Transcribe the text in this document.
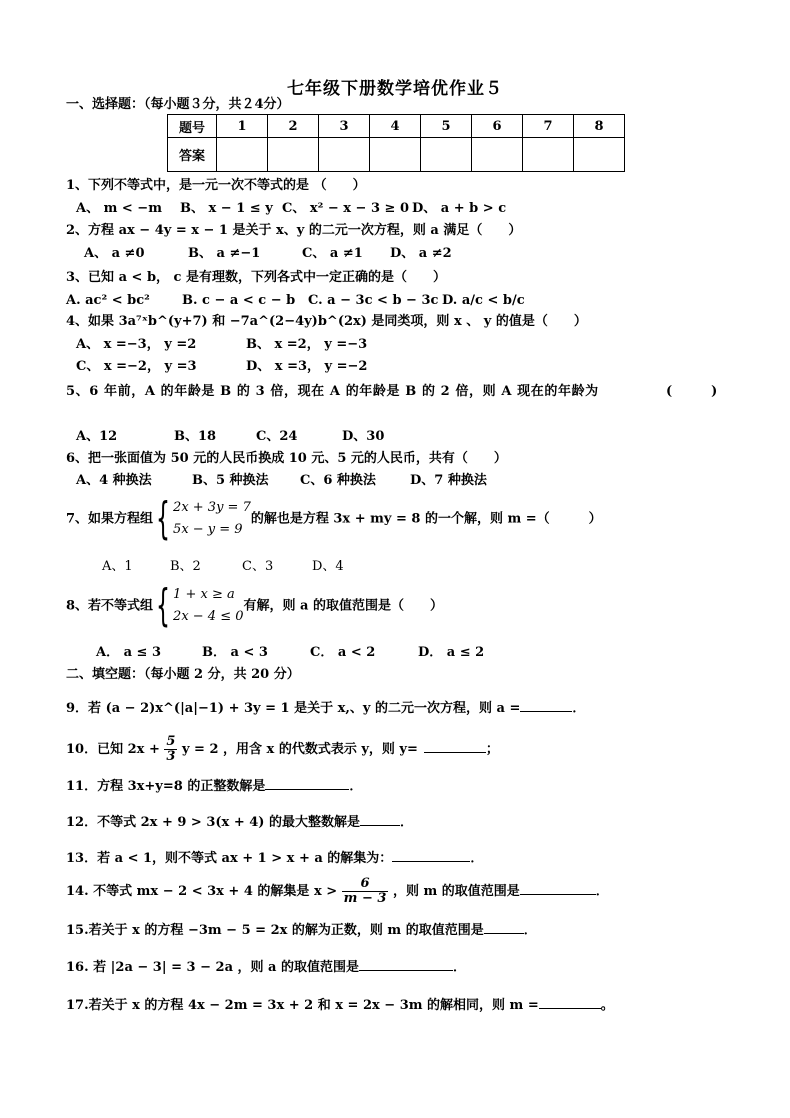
七年级下册数学培优作业５
一、选择题：（每小题３分，共２4分）
题号	1	2	3	4	5	6	7	8
答案								
1、下列不等式中，是一元一次不等式的是 （　　）
A、 m < −m B、 x − 1 ≤ y C、 x² − x − 3 ≥ 0 D、 a + b > c
2、方程 ax − 4y = x − 1 是关于 x、y 的二元一次方程，则 a 满足（　　）
A、 a ≠0	B、 a ≠−1	C、 a ≠1 D、 a ≠2
3、已知 a < b， c 是有理数，下列各式中一定正确的是（　　）
A. ac² < bc² B. c − a < c − b C. a − 3c < b − 3c D. a/c < b/c
4、如果 3a⁷ˣb^(y+7) 和 −7a^(2−4y)b^(2x) 是同类项，则 x 、 y 的值是（　　）
A、 x =−3， y =2	B、 x =2， y =−3
C、 x =−2， y =3	D、 x =3， y =−2
5、6 年前，A 的年龄是 B 的 3 倍，现在 A 的年龄是 B 的 2 倍，则 A 现在的年龄为	(　　　)
A、12	B、18	C、24	D、30
6、把一张面值为 50 元的人民币换成 10 元、5 元的人民币，共有（　　）
A、4 种换法	B、5 种换法 C、6 种换法	D、7 种换法
7、如果方程组{ 2x + 3y = 7
5x − y = 9
的解也是方程 3x + my = 8 的一个解，则 m =（　　　）
A、1	B、2	C、3	D、4
8、若不等式组{ 1 + x ≥ a
2x − 4 ≤ 0
有解，则 a 的取值范围是（　　）
A． a ≤ 3	B． a < 3	C． a < 2	D． a ≤ 2
二、填空题：（每小题 2 分，共 20 分）
9．若 (a − 2)x^(|a|−1) + 3y = 1 是关于 x,、y 的二元一次方程，则 a =	．
10．已知 $2x + \frac{5}{3}$ y = 2 ，用含 x 的代数式表示 y，则 y=	；
11．方程 3x+y=8 的正整数解是	．
12．不等式 2x + 9 > 3(x + 4) 的最大整数解是	．
13．若 a < 1，则不等式 ax + 1 > x + a 的解集为：	．
14. 不等式 mx − 2 < 3x + 4 的解集是 $x > \frac{6}{m - 3}$ ，则 m 的取值范围是	．
15.若关于 x 的方程 −3m − 5 = 2x 的解为正数，则 m 的取值范围是	．
16. 若 |2a − 3| = 3 − 2a ，则 a 的取值范围是	．
17.若关于 x 的方程 4x − 2m = 3x + 2 和 x = 2x − 3m 的解相同，则 m =	。
